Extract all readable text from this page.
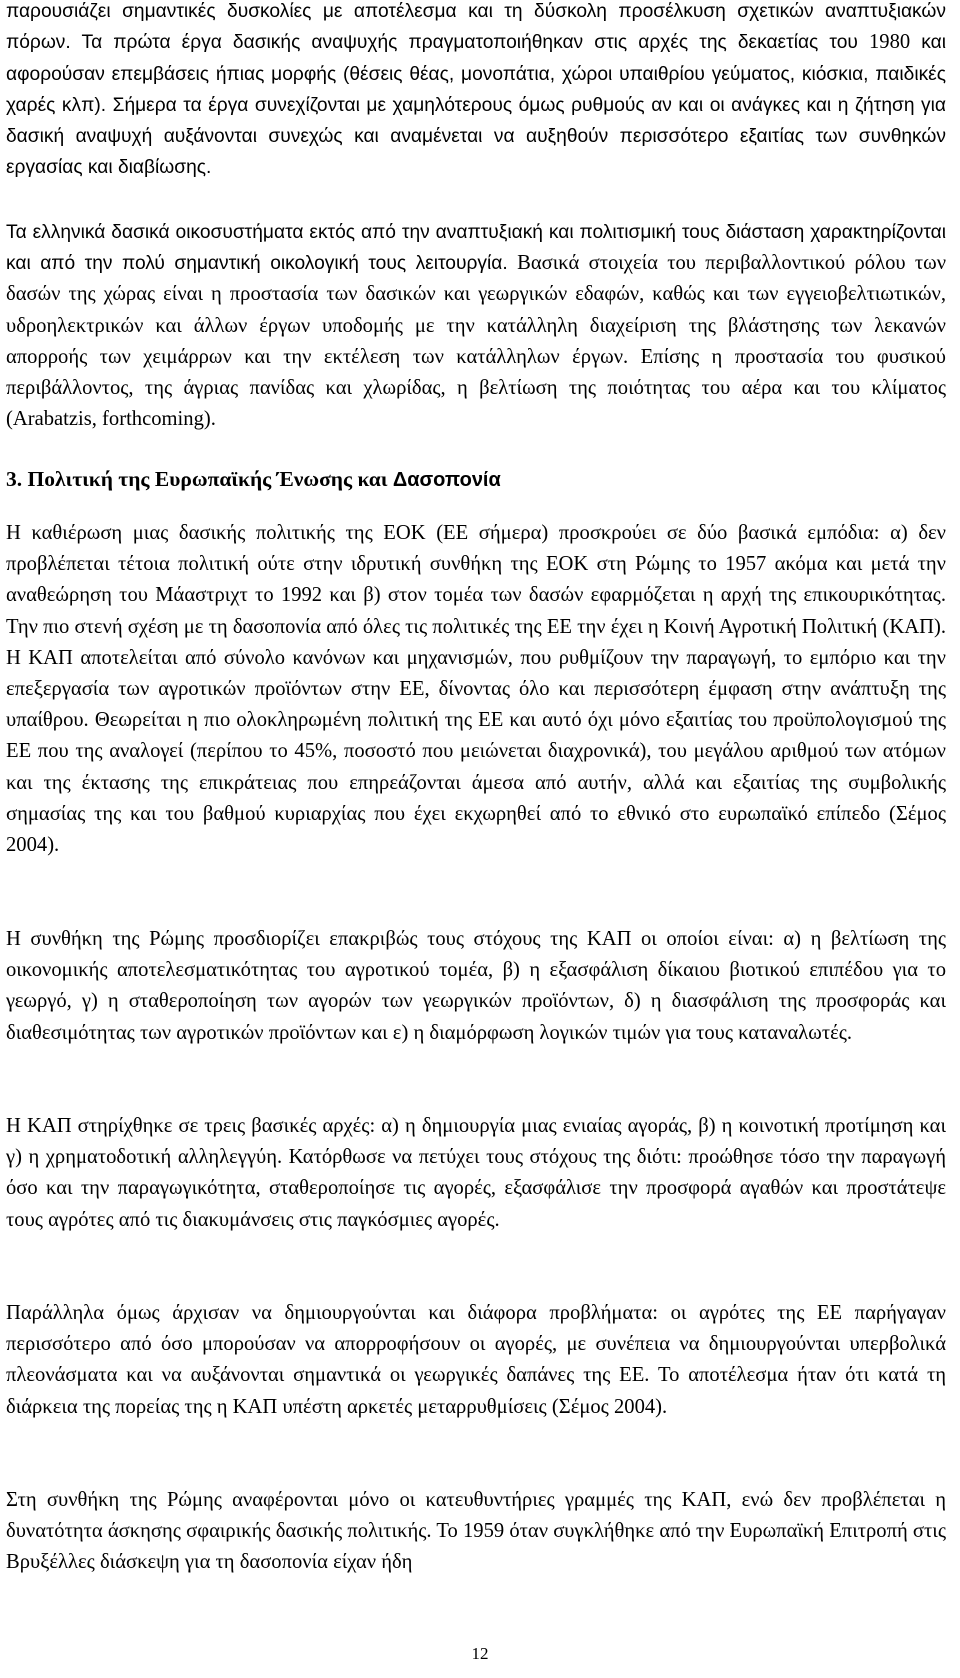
παρουσιάζει σημαντικές δυσκολίες με αποτέλεσμα και τη δύσκολη προσέλκυση σχετικών αναπτυξιακών πόρων. Τα πρώτα έργα δασικής αναψυχής πραγματοποιήθηκαν στις αρχές της δεκαετίας του 1980 και αφορούσαν επεμβάσεις ήπιας μορφής (θέσεις θέας, μονοπάτια, χώροι υπαιθρίου γεύματος, κιόσκια, παιδικές χαρές κλπ). Σήμερα τα έργα συνεχίζονται με χαμηλότερους όμως ρυθμούς αν και οι ανάγκες και η ζήτηση για δασική αναψυχή αυξάνονται συνεχώς και αναμένεται να αυξηθούν περισσότερο εξαιτίας των συνθηκών εργασίας και διαβίωσης.

Τα ελληνικά δασικά οικοσυστήματα εκτός από την αναπτυξιακή και πολιτισμική τους διάσταση χαρακτηρίζονται και από την πολύ σημαντική οικολογική τους λειτουργία. Βασικά στοιχεία του περιβαλλοντικού ρόλου των δασών της χώρας είναι η προστασία των δασικών και γεωργικών εδαφών, καθώς και των εγγειοβελτιωτικών, υδροηλεκτρικών και άλλων έργων υποδομής με την κατάλληλη διαχείριση της βλάστησης των λεκανών απορροής των χειμάρρων και την εκτέλεση των κατάλληλων έργων. Επίσης η προστασία του φυσικού περιβάλλοντος, της άγριας πανίδας και χλωρίδας, η βελτίωση της ποιότητας του αέρα και του κλίματος (Arabatzis, forthcoming).

3. Πολιτική της Ευρωπαϊκής Ένωσης και Δασοπονία

Η καθιέρωση μιας δασικής πολιτικής της ΕΟΚ (ΕΕ σήμερα) προσκρούει σε δύο βασικά εμπόδια: α) δεν προβλέπεται τέτοια πολιτική ούτε στην ιδρυτική συνθήκη της ΕΟΚ στη Ρώμης το 1957 ακόμα και μετά την αναθεώρηση του Μάαστριχτ το 1992 και β) στον τομέα των δασών εφαρμόζεται η αρχή της επικουρικότητας. Την πιο στενή σχέση με τη δασοπονία από όλες τις πολιτικές της ΕΕ την έχει η Κοινή Αγροτική Πολιτική (ΚΑΠ). Η ΚΑΠ αποτελείται από σύνολο κανόνων και μηχανισμών, που ρυθμίζουν την παραγωγή, το εμπόριο και την επεξεργασία των αγροτικών προϊόντων στην ΕΕ, δίνοντας όλο και περισσότερη έμφαση στην ανάπτυξη της υπαίθρου. Θεωρείται η πιο ολοκληρωμένη πολιτική της ΕΕ και αυτό όχι μόνο εξαιτίας του προϋπολογισμού της ΕΕ που της αναλογεί (περίπου το 45%, ποσοστό που μειώνεται διαχρονικά), του μεγάλου αριθμού των ατόμων και της έκτασης της επικράτειας που επηρεάζονται άμεσα από αυτήν, αλλά και εξαιτίας της συμβολικής σημασίας της και του βαθμού κυριαρχίας που έχει εκχωρηθεί από το εθνικό στο ευρωπαϊκό επίπεδο (Σέμος 2004).

Η συνθήκη της Ρώμης προσδιορίζει επακριβώς τους στόχους της ΚΑΠ οι οποίοι είναι: α) η βελτίωση της οικονομικής αποτελεσματικότητας του αγροτικού τομέα, β) η εξασφάλιση δίκαιου βιοτικού επιπέδου για το γεωργό, γ) η σταθεροποίηση των αγορών των γεωργικών προϊόντων, δ) η διασφάλιση της προσφοράς και διαθεσιμότητας των αγροτικών προϊόντων και ε) η διαμόρφωση λογικών τιμών για τους καταναλωτές.

Η ΚΑΠ στηρίχθηκε σε τρεις βασικές αρχές: α) η δημιουργία μιας ενιαίας αγοράς, β) η κοινοτική προτίμηση και γ) η χρηματοδοτική αλληλεγγύη. Κατόρθωσε να πετύχει τους στόχους της διότι: προώθησε τόσο την παραγωγή όσο και την παραγωγικότητα, σταθεροποίησε τις αγορές, εξασφάλισε την προσφορά αγαθών και προστάτεψε τους αγρότες από τις διακυμάνσεις στις παγκόσμιες αγορές.

Παράλληλα όμως άρχισαν να δημιουργούνται και διάφορα προβλήματα: οι αγρότες της ΕΕ παρήγαγαν περισσότερο από όσο μπορούσαν να απορροφήσουν οι αγορές, με συνέπεια να δημιουργούνται υπερβολικά πλεονάσματα και να αυξάνονται σημαντικά οι γεωργικές δαπάνες της ΕΕ. Το αποτέλεσμα ήταν ότι κατά τη διάρκεια της πορείας της η ΚΑΠ υπέστη αρκετές μεταρρυθμίσεις (Σέμος 2004).

Στη συνθήκη της Ρώμης αναφέρονται μόνο οι κατευθυντήριες γραμμές της ΚΑΠ, ενώ δεν προβλέπεται η δυνατότητα άσκησης σφαιρικής δασικής πολιτικής. Το 1959 όταν συγκλήθηκε από την Ευρωπαϊκή Επιτροπή στις Βρυξέλλες διάσκεψη για τη δασοπονία είχαν ήδη

12
